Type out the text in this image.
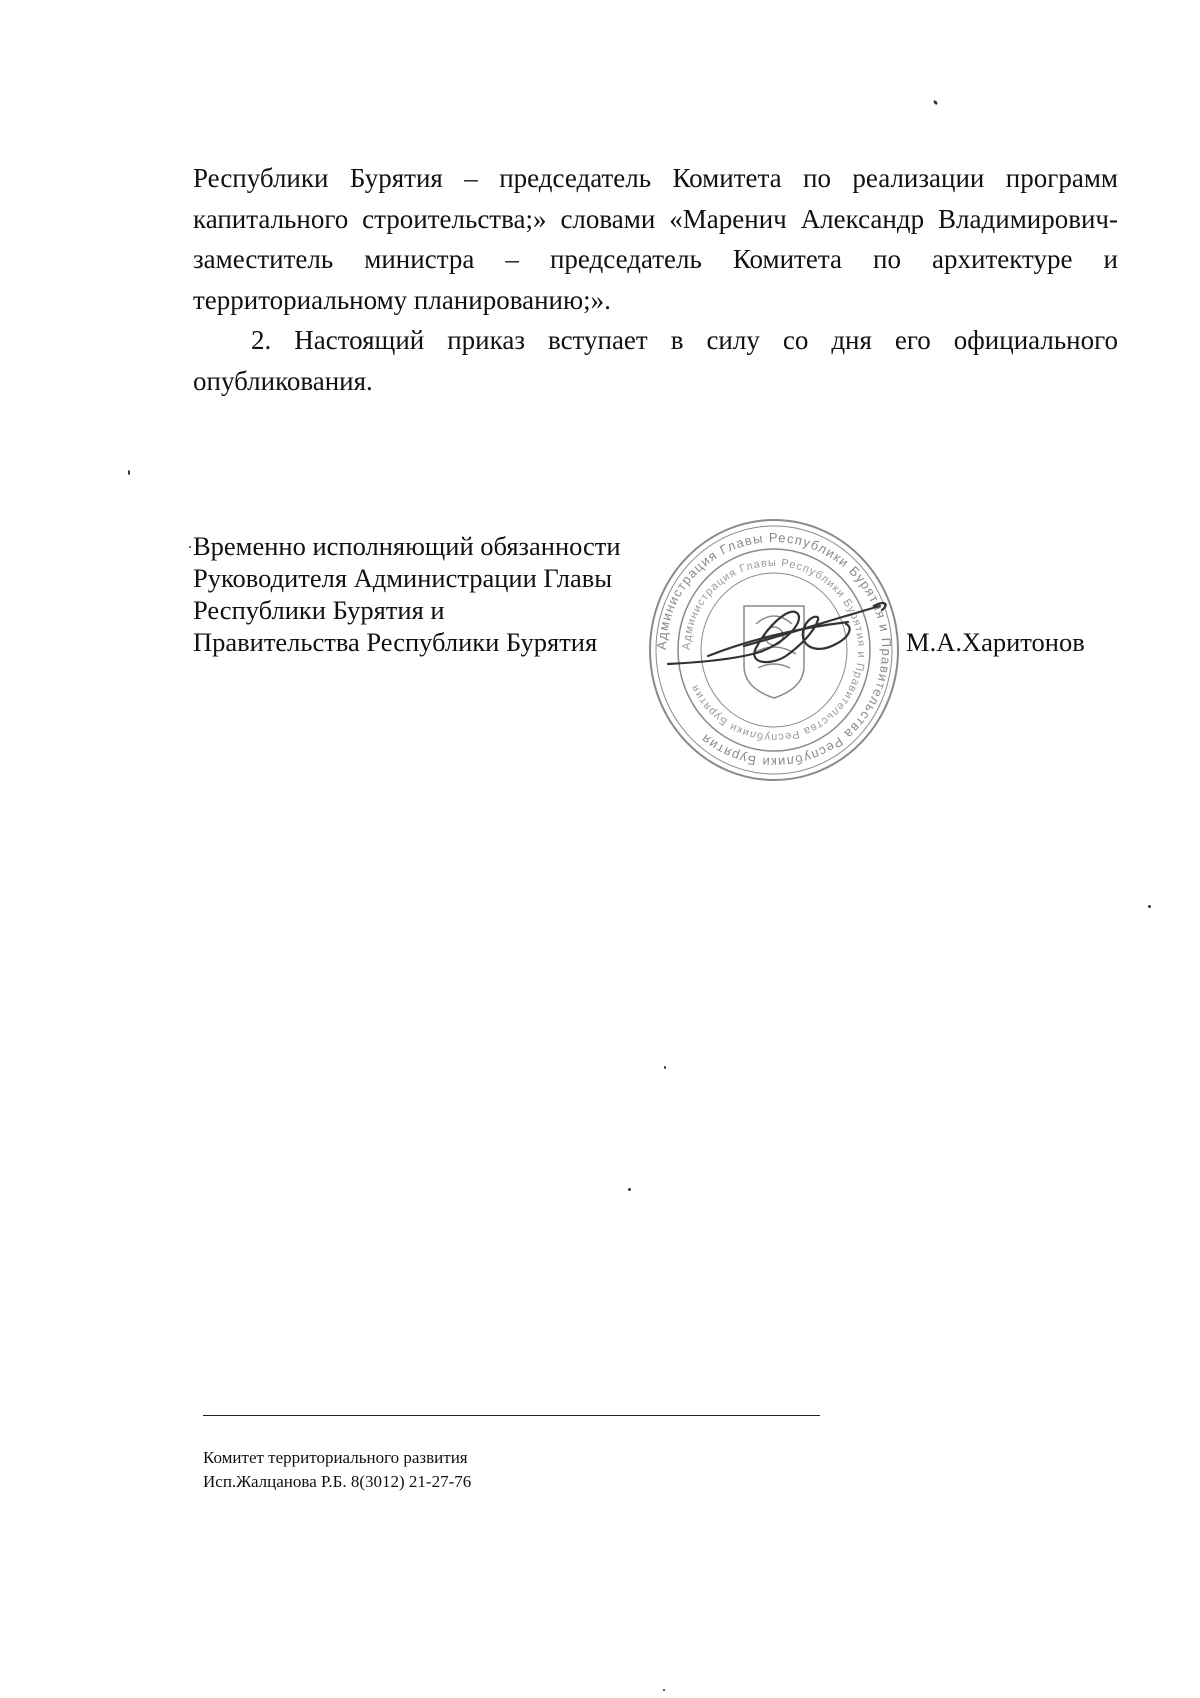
Республики Бурятия – председатель Комитета по реализации программ капитального строительства;» словами «Маренич Александр Владимирович-заместитель министра – председатель Комитета по архитектуре и территориальному планированию;».

2. Настоящий приказ вступает в силу со дня его официального опубликования.

Временно исполняющий обязанности
Руководителя Администрации Главы
Республики Бурятия и
Правительства Республики Бурятия	Администрация Главы Республики Бурятия и Правительства Республики Бурятия
Администрация Главы Республики Бурятия и Правительства Республики Бурятия
М.А.Харитонов
Комитет территориального развития
Исп.Жалцанова Р.Б. 8(3012) 21-27-76
